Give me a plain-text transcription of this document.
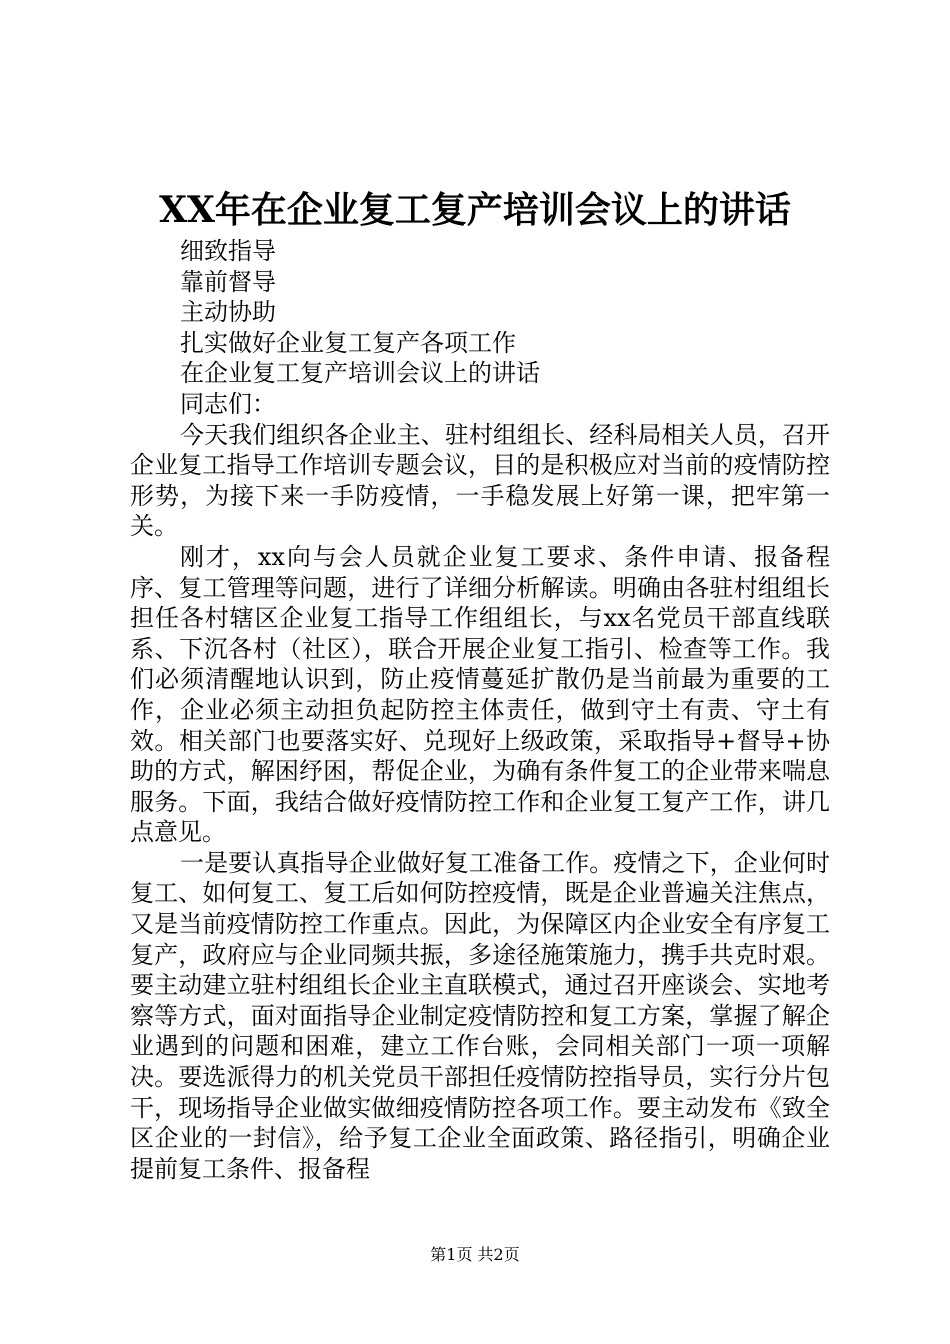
XX年在企业复工复产培训会议上的讲话

细致指导

靠前督导

主动协助

扎实做好企业复工复产各项工作

在企业复工复产培训会议上的讲话

同志们：

今天我们组织各企业主、驻村组组长、经科局相关人员，召开企业复工指导工作培训专题会议，目的是积极应对当前的疫情防控形势，为接下来一手防疫情，一手稳发展上好第一课，把牢第一关。

刚才，xx向与会人员就企业复工要求、条件申请、报备程序、复工管理等问题，进行了详细分析解读。明确由各驻村组组长担任各村辖区企业复工指导工作组组长，与xx名党员干部直线联系、下沉各村（社区），联合开展企业复工指引、检查等工作。我们必须清醒地认识到，防止疫情蔓延扩散仍是当前最为重要的工作，企业必须主动担负起防控主体责任，做到守土有责、守土有效。相关部门也要落实好、兑现好上级政策，采取指导+督导+协助的方式，解困纾困，帮促企业，为确有条件复工的企业带来喘息服务。下面，我结合做好疫情防控工作和企业复工复产工作，讲几点意见。

一是要认真指导企业做好复工准备工作。疫情之下，企业何时复工、如何复工、复工后如何防控疫情，既是企业普遍关注焦点，又是当前疫情防控工作重点。因此，为保障区内企业安全有序复工复产，政府应与企业同频共振，多途径施策施力，携手共克时艰。要主动建立驻村组组长企业主直联模式，通过召开座谈会、实地考察等方式，面对面指导企业制定疫情防控和复工方案，掌握了解企业遇到的问题和困难，建立工作台账，会同相关部门一项一项解决。要选派得力的机关党员干部担任疫情防控指导员，实行分片包干，现场指导企业做实做细疫情防控各项工作。要主动发布《致全区企业的一封信》，给予复工企业全面政策、路径指引，明确企业提前复工条件、报备程

第1页 共2页
